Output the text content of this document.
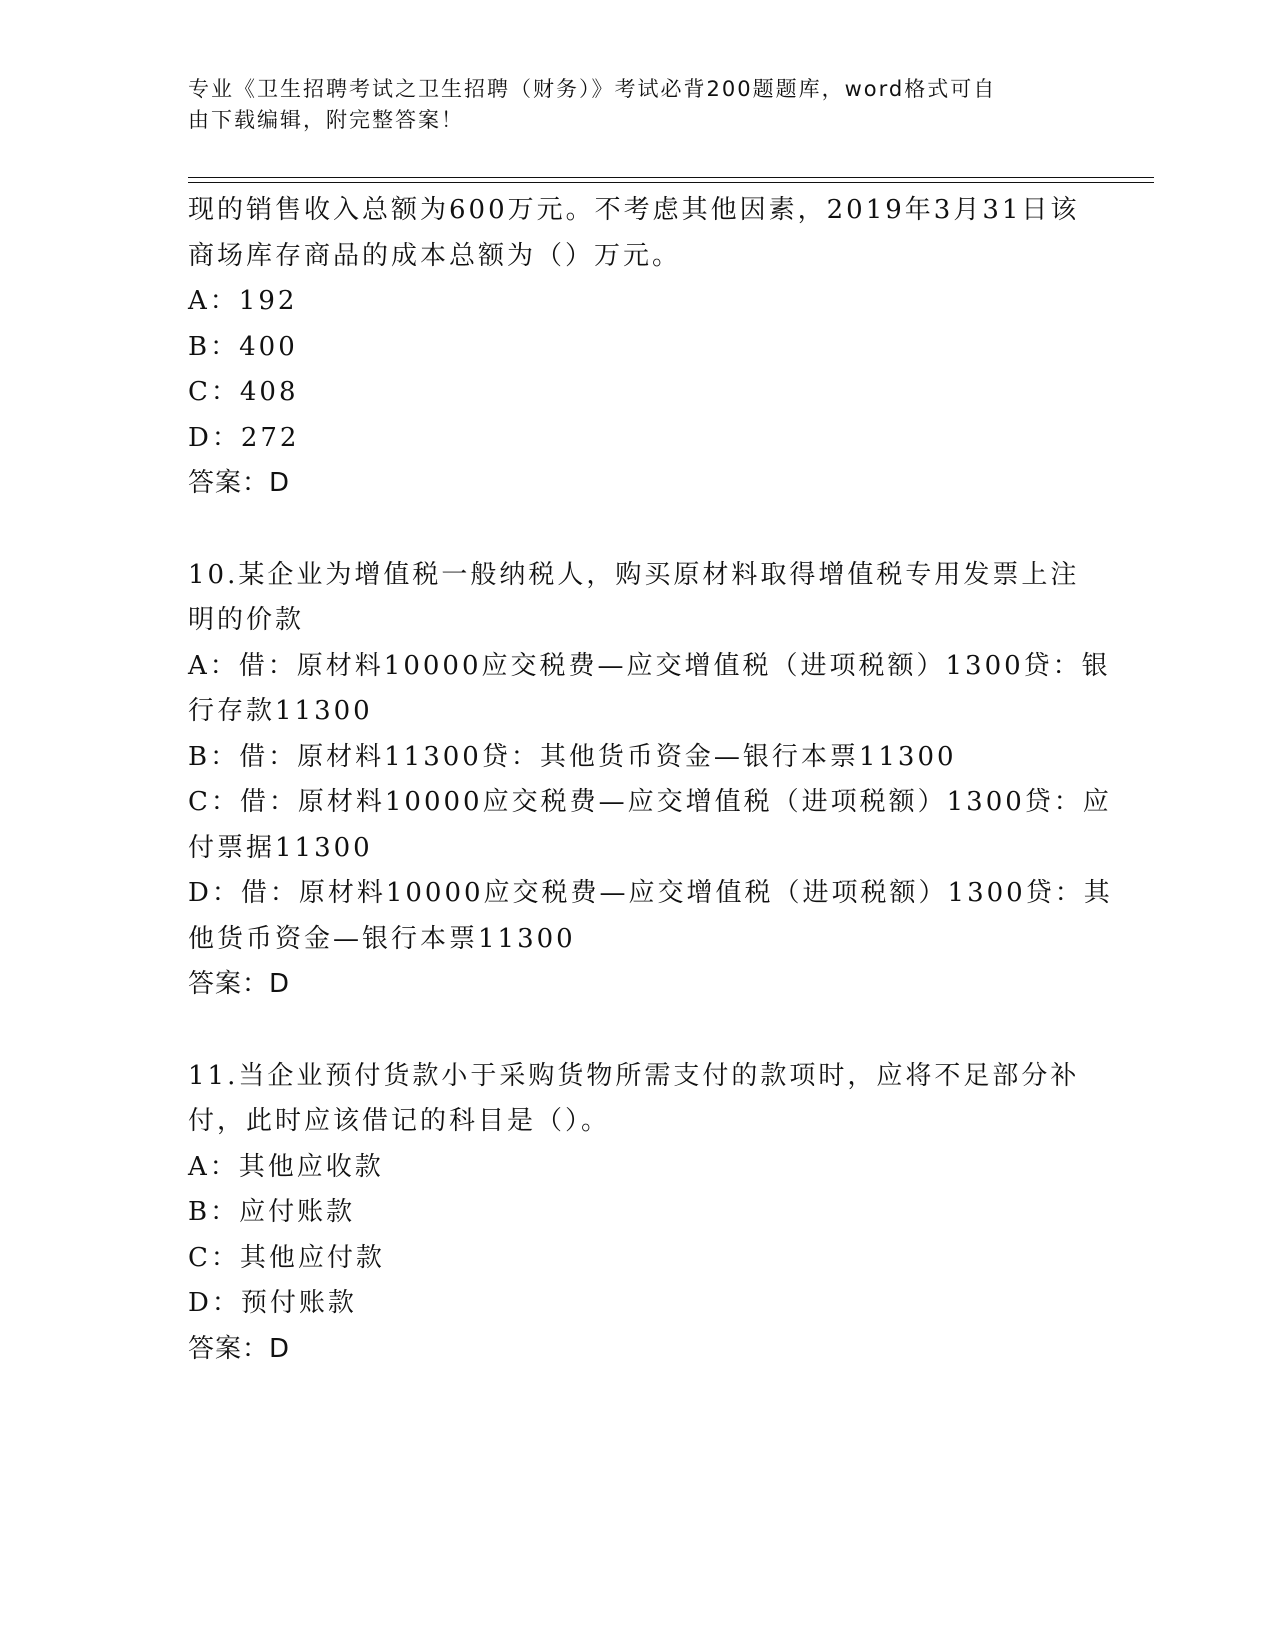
专业《卫生招聘考试之卫生招聘（财务）》考试必背200题题库，word格式可自
由下载编辑，附完整答案！
现的销售收入总额为600万元。不考虑其他因素，2019年3月31日该
商场库存商品的成本总额为（）万元。
A：192
B：400
C：408
D：272
答案：D
10.某企业为增值税一般纳税人，购买原材料取得增值税专用发票上注
明的价款
A：借：原材料10000应交税费—应交增值税（进项税额）1300贷：银
行存款11300
B：借：原材料11300贷：其他货币资金—银行本票11300
C：借：原材料10000应交税费—应交增值税（进项税额）1300贷：应
付票据11300
D：借：原材料10000应交税费—应交增值税（进项税额）1300贷：其
他货币资金—银行本票11300
答案：D
11.当企业预付货款小于采购货物所需支付的款项时，应将不足部分补
付，此时应该借记的科目是（）。
A：其他应收款
B：应付账款
C：其他应付款
D：预付账款
答案：D
